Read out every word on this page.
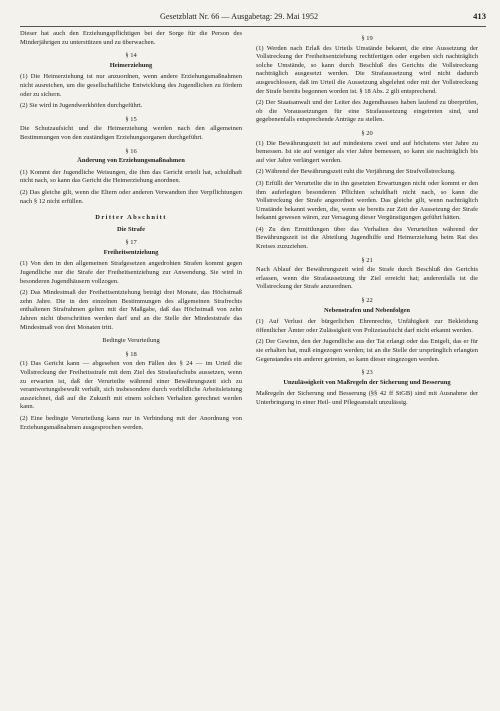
Gesetzblatt Nr. 66 — Ausgabetag: 29. Mai 1952	413

Dieser hat auch den Erziehungspflichtigen bei der Sorge für die Person des Minderjährigen zu unterstützen und zu überwachen.

§ 14

Heimerziehung

(1) Die Heimerziehung ist nur anzuordnen, wenn andere Erziehungsmaßnahmen nicht ausreichen, um die gesellschaftliche Entwicklung des Jugendlichen zu fördern oder zu sichern.

(2) Sie wird in Jugendwerkhöfen durchgeführt.

§ 15

Die Schutzaufsicht und die Heimerziehung werden nach den allgemeinen Bestimmungen von den zuständigen Erziehungsorganen durchgeführt.

§ 16

Änderung von Erziehungsmaßnahmen

(1) Kommt der Jugendliche Weisungen, die ihm das Gericht erteilt hat, schuldhaft nicht nach, so kann das Gericht die Heimerziehung anordnen.

(2) Das gleiche gilt, wenn die Eltern oder anderen Verwandten ihre Verpflichtungen nach § 12 nicht erfüllen.

Dritter Abschnitt

Die Strafe

§ 17

Freiheitsentziehung

(1) Von den in den allgemeinen Strafgesetzen angedrohten Strafen kommt gegen Jugendliche nur die Strafe der Freiheitsentziehung zur Anwendung. Sie wird in besonderen Jugendhäusern vollzogen.

(2) Das Mindestmaß der Freiheitsentziehung beträgt drei Monate, das Höchstmaß zehn Jahre. Die in den einzelnen Bestimmungen des allgemeinen Strafrechts enthaltenen Strafrahmen gelten mit der Maßgabe, daß das Höchstmaß von zehn Jahren nicht überschritten werden darf und an die Stelle der Mindeststrafe das Mindestmaß von drei Monaten tritt.

Bedingte Verurteilung

§ 18

(1) Das Gericht kann — abgesehen von den Fällen des § 24 — im Urteil die Vollstreckung der Freiheitsstrafe mit dem Ziel des Strafaufschubs aussetzen, wenn zu erwarten ist, daß der Verurteilte während einer Bewährungszeit sich zu verantwortungsbewußt verhält, sich insbesondere durch vorbildliche Arbeitsleistung auszeichnet, daß auf die Zukunft mit einem solchen Verhalten gerechnet werden kann.

(2) Eine bedingte Verurteilung kann nur in Verbindung mit der Anordnung von Erziehungsmaßnahmen ausgesprochen werden.

§ 19

(1) Werden nach Erlaß des Urteils Umstände bekannt, die eine Aussetzung der Vollstreckung der Freiheitsentziehung rechtfertigen oder ergeben sich nachträglich solche Umstände, so kann durch Beschluß des Gerichts die Vollstreckung nachträglich ausgesetzt werden. Die Strafaussetzung wird nicht dadurch ausgeschlossen, daß im Urteil die Aussetzung abgelehnt oder mit der Vollstreckung der Strafe bereits begonnen worden ist. § 18 Abs. 2 gilt entsprechend.

(2) Der Staatsanwalt und der Leiter des Jugendhauses haben laufend zu überprüfen, ob die Voraussetzungen für eine Strafaussetzung eingetreten sind, und gegebenenfalls entsprechende Anträge zu stellen.

§ 20

(1) Die Bewährungszeit ist auf mindestens zwei und auf höchstens vier Jahre zu bemessen. Ist sie auf weniger als vier Jahre bemessen, so kann sie nachträglich bis auf vier Jahre verlängert werden.

(2) Während der Bewährungszeit ruht die Verjährung der Strafvollstreckung.

(3) Erfüllt der Verurteilte die in ihn gesetzten Erwartungen nicht oder kommt er den ihm auferlegten besonderen Pflichten schuldhaft nicht nach, so kann die Vollstreckung der Strafe angeordnet werden. Das gleiche gilt, wenn nachträglich Umstände bekannt werden, die, wenn sie bereits zur Zeit der Aussetzung der Strafe bekannt gewesen wären, zur Versagung dieser Vergünstigungen geführt hätten.

(4) Zu den Ermittlungen über das Verhalten des Verurteilten während der Bewährungszeit ist die Abteilung Jugendhilfe und Heimerziehung beim Rat des Kreises zuzuziehen.

§ 21

Nach Ablauf der Bewährungszeit wird die Strafe durch Beschluß des Gerichts erlassen, wenn die Strafaussetzung ihr Ziel erreicht hat; anderenfalls ist die Vollstreckung der Strafe anzuordnen.

§ 22

Nebenstrafen und Nebenfolgen

(1) Auf Verlust der bürgerlichen Ehrenrechte, Unfähigkeit zur Bekleidung öffentlicher Ämter oder Zulässigkeit von Polizeiaufsicht darf nicht erkannt werden.

(2) Der Gewinn, den der Jugendliche aus der Tat erlangt oder das Entgelt, das er für sie erhalten hat, muß eingezogen werden; ist an die Stelle der ursprünglich erlangten Gegenstandes ein anderer getreten, so kann dieser eingezogen werden.

§ 23

Unzulässigkeit von Maßregeln der Sicherung und Besserung

Maßregeln der Sicherung und Besserung (§§ 42 ff StGB) sind mit Ausnahme der Unterbringung in einer Heil- und Pflegeanstalt unzulässig.
